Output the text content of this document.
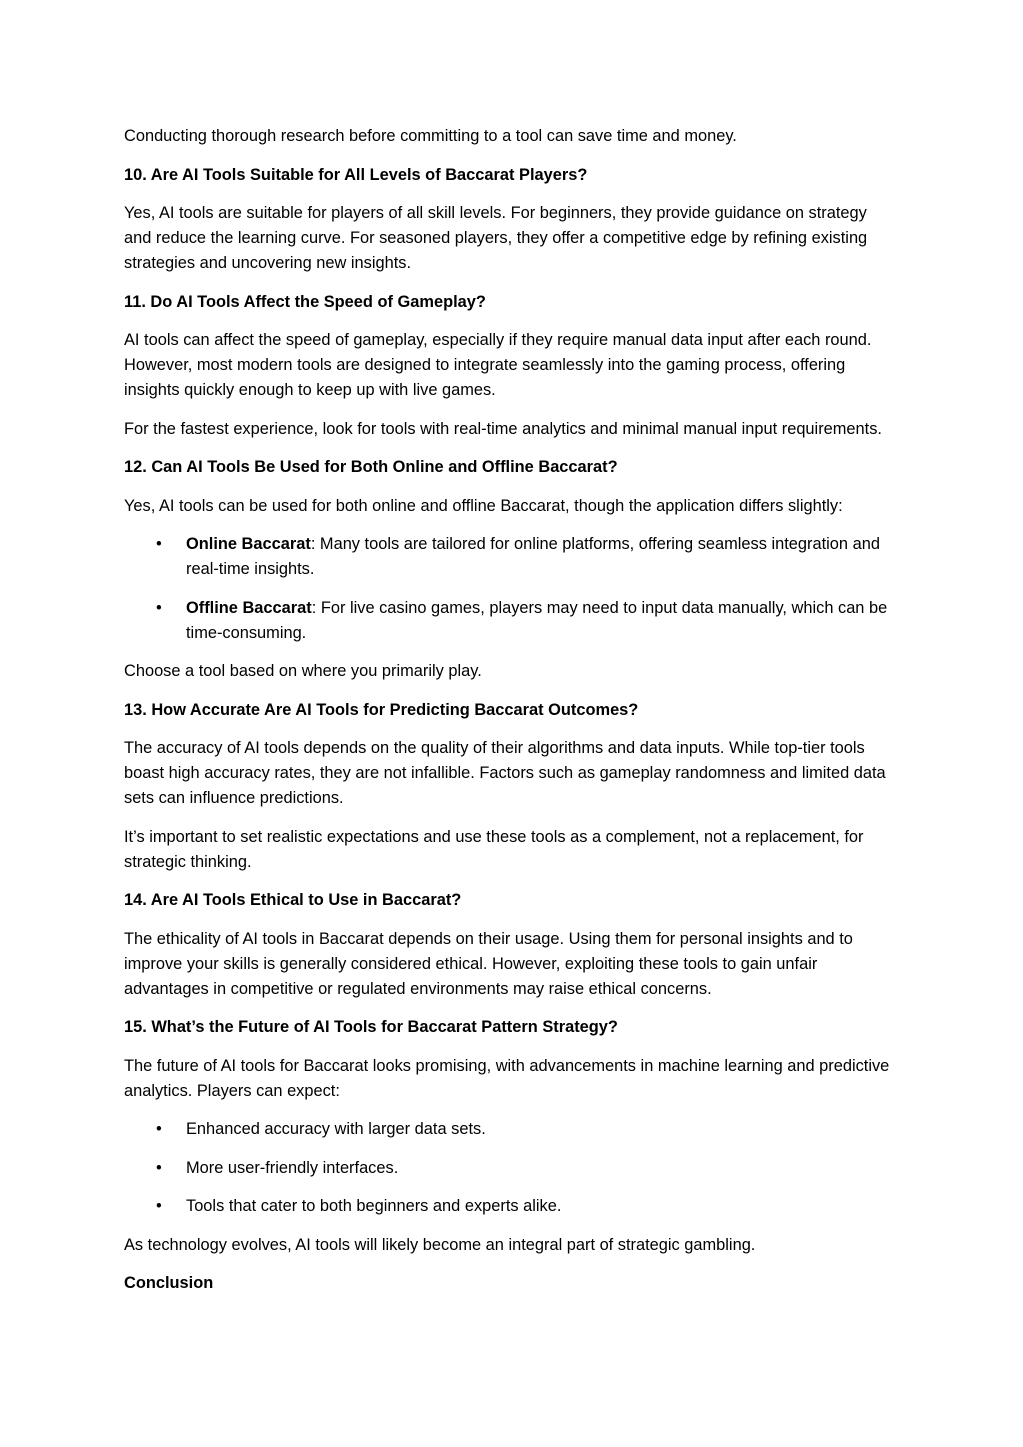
Conducting thorough research before committing to a tool can save time and money.

10. Are AI Tools Suitable for All Levels of Baccarat Players?

Yes, AI tools are suitable for players of all skill levels. For beginners, they provide guidance on strategy and reduce the learning curve. For seasoned players, they offer a competitive edge by refining existing strategies and uncovering new insights.

11. Do AI Tools Affect the Speed of Gameplay?

AI tools can affect the speed of gameplay, especially if they require manual data input after each round. However, most modern tools are designed to integrate seamlessly into the gaming process, offering insights quickly enough to keep up with live games.

For the fastest experience, look for tools with real-time analytics and minimal manual input requirements.

12. Can AI Tools Be Used for Both Online and Offline Baccarat?

Yes, AI tools can be used for both online and offline Baccarat, though the application differs slightly:

• Online Baccarat: Many tools are tailored for online platforms, offering seamless integration and real-time insights.
• Offline Baccarat: For live casino games, players may need to input data manually, which can be time-consuming.

Choose a tool based on where you primarily play.

13. How Accurate Are AI Tools for Predicting Baccarat Outcomes?

The accuracy of AI tools depends on the quality of their algorithms and data inputs. While top-tier tools boast high accuracy rates, they are not infallible. Factors such as gameplay randomness and limited data sets can influence predictions.

It’s important to set realistic expectations and use these tools as a complement, not a replacement, for strategic thinking.

14. Are AI Tools Ethical to Use in Baccarat?

The ethicality of AI tools in Baccarat depends on their usage. Using them for personal insights and to improve your skills is generally considered ethical. However, exploiting these tools to gain unfair advantages in competitive or regulated environments may raise ethical concerns.

15. What’s the Future of AI Tools for Baccarat Pattern Strategy?

The future of AI tools for Baccarat looks promising, with advancements in machine learning and predictive analytics. Players can expect:

• Enhanced accuracy with larger data sets.
• More user-friendly interfaces.
• Tools that cater to both beginners and experts alike.

As technology evolves, AI tools will likely become an integral part of strategic gambling.

Conclusion
